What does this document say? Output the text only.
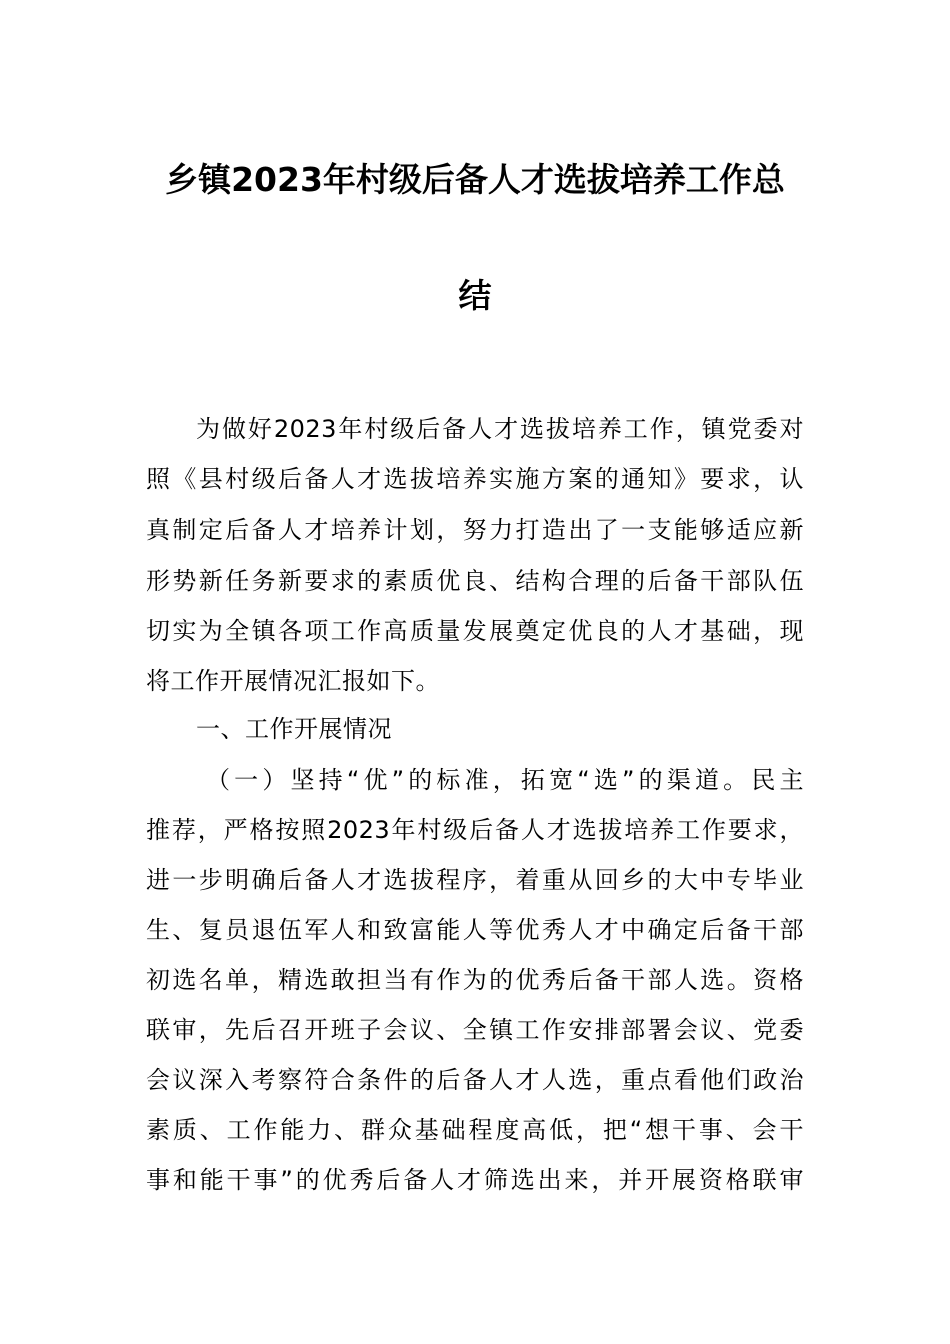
乡镇2023年村级后备人才选拔培养工作总
结
为做好2023年村级后备人才选拔培养工作，镇党委对
照《县村级后备人才选拔培养实施方案的通知》要求，认
真制定后备人才培养计划，努力打造出了一支能够适应新
形势新任务新要求的素质优良、结构合理的后备干部队伍
切实为全镇各项工作高质量发展奠定优良的人才基础，现
将工作开展情况汇报如下。
一、工作开展情况
（一）坚持“优”的标准，拓宽“选”的渠道。民主
推荐，严格按照2023年村级后备人才选拔培养工作要求，
进一步明确后备人才选拔程序，着重从回乡的大中专毕业
生、复员退伍军人和致富能人等优秀人才中确定后备干部
初选名单，精选敢担当有作为的优秀后备干部人选。资格
联审，先后召开班子会议、全镇工作安排部署会议、党委
会议深入考察符合条件的后备人才人选，重点看他们政治
素质、工作能力、群众基础程度高低，把“想干事、会干
事和能干事”的优秀后备人才筛选出来，并开展资格联审
